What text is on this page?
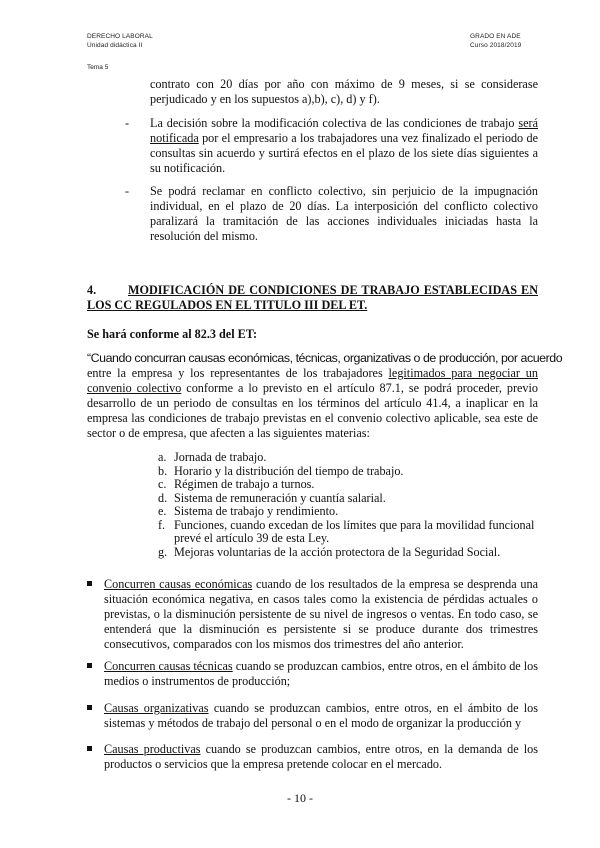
DERECHO LABORAL
Unidad didáctica II
GRADO EN ADE
Curso 2018/2019
Tema 5
contrato con 20 días por año con máximo de 9 meses, si se considerase perjudicado y en los supuestos a),b), c), d) y f).
- La decisión sobre la modificación colectiva de las condiciones de trabajo será notificada por el empresario a los trabajadores una vez finalizado el periodo de consultas sin acuerdo y surtirá efectos en el plazo de los siete días siguientes a su notificación.
- Se podrá reclamar en conflicto colectivo, sin perjuicio de la impugnación individual, en el plazo de 20 días. La interposición del conflicto colectivo paralizará la tramitación de las acciones individuales iniciadas hasta la resolución del mismo.
4.	MODIFICACIÓN DE CONDICIONES DE TRABAJO ESTABLECIDAS EN LOS CC REGULADOS EN EL TITULO III DEL ET.
Se hará conforme al 82.3 del ET:
“Cuando concurran causas económicas, técnicas, organizativas o de producción, por acuerdo
entre la empresa y los representantes de los trabajadores legitimados para negociar un convenio colectivo conforme a lo previsto en el artículo 87.1, se podrá proceder, previo desarrollo de un periodo de consultas en los términos del artículo 41.4, a inaplicar en la empresa las condiciones de trabajo previstas en el convenio colectivo aplicable, sea este de sector o de empresa, que afecten a las siguientes materias:
a. Jornada de trabajo.
b. Horario y la distribución del tiempo de trabajo.
c. Régimen de trabajo a turnos.
d. Sistema de remuneración y cuantía salarial.
e. Sistema de trabajo y rendimiento.
f. Funciones, cuando excedan de los límites que para la movilidad funcional prevé el artículo 39 de esta Ley.
g. Mejoras voluntarias de la acción protectora de la Seguridad Social.
Concurren causas económicas cuando de los resultados de la empresa se desprenda una situación económica negativa, en casos tales como la existencia de pérdidas actuales o previstas, o la disminución persistente de su nivel de ingresos o ventas. En todo caso, se entenderá que la disminución es persistente si se produce durante dos trimestres consecutivos, comparados con los mismos dos trimestres del año anterior.
Concurren causas técnicas cuando se produzcan cambios, entre otros, en el ámbito de los medios o instrumentos de producción;
Causas organizativas cuando se produzcan cambios, entre otros, en el ámbito de los sistemas y métodos de trabajo del personal o en el modo de organizar la producción y
Causas productivas cuando se produzcan cambios, entre otros, en la demanda de los productos o servicios que la empresa pretende colocar en el mercado.
- 10 -
